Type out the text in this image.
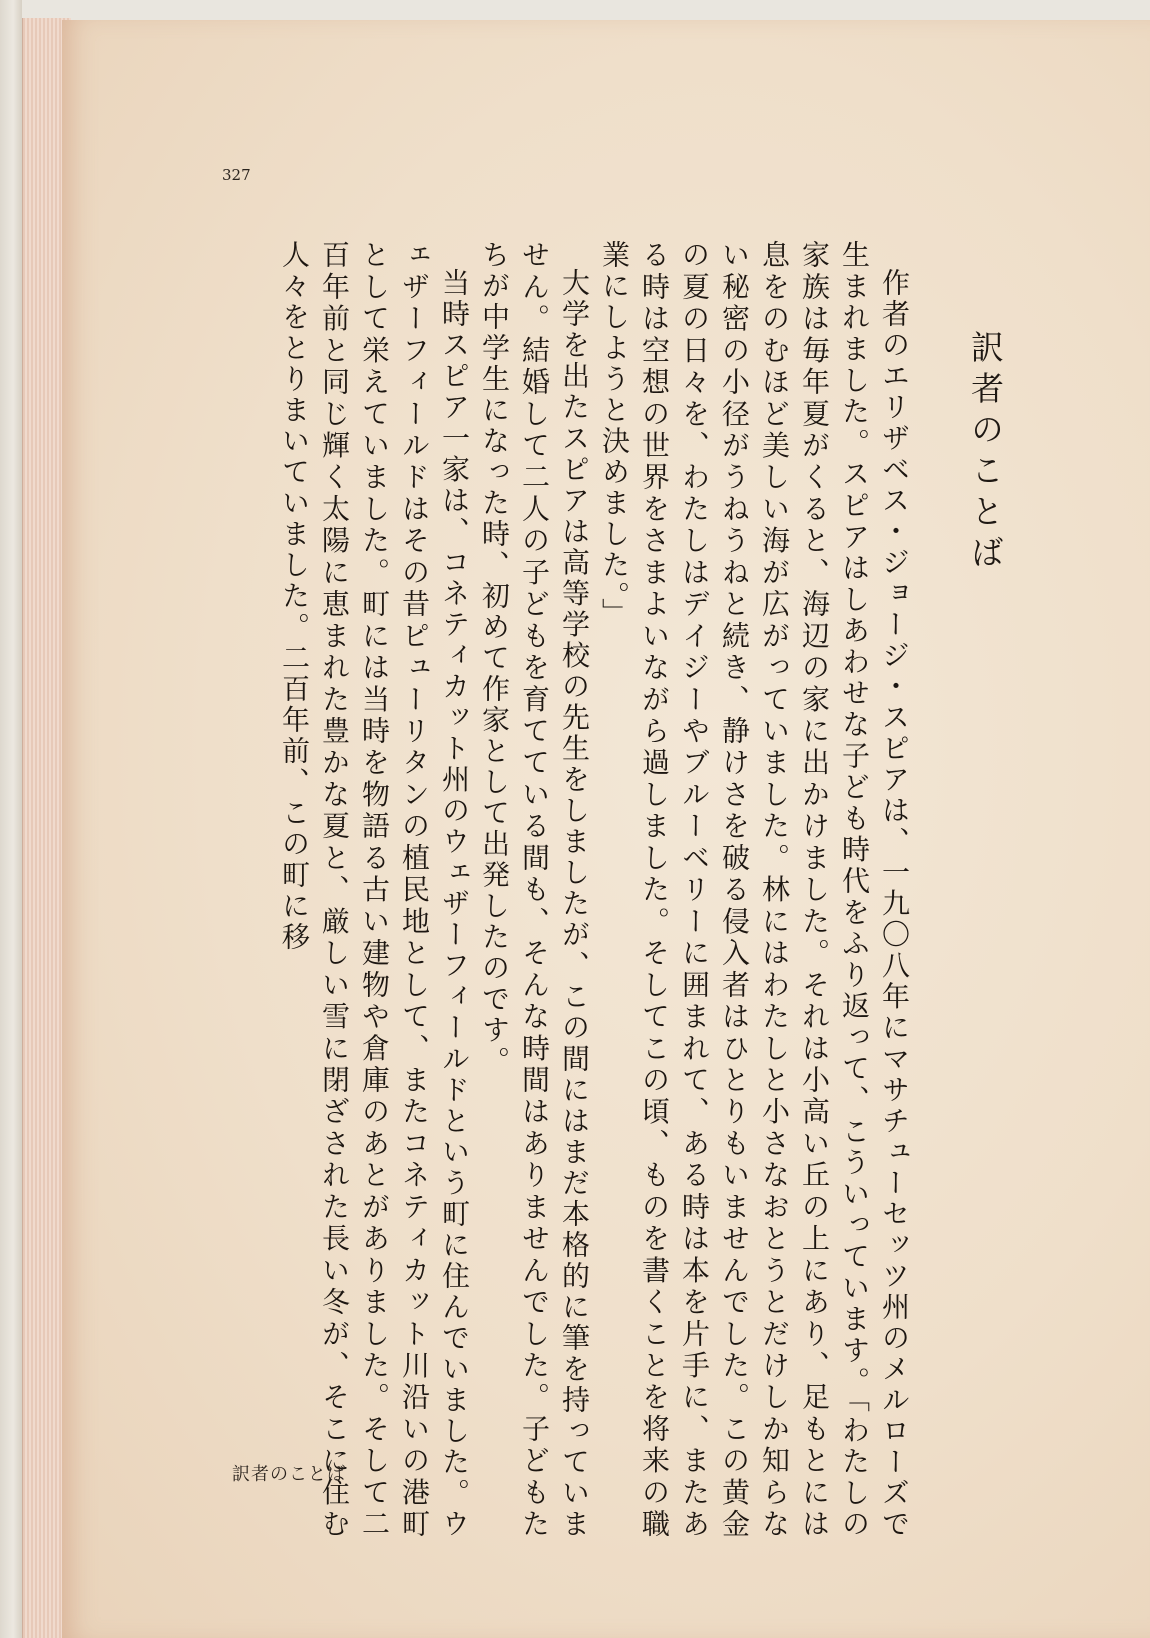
327
訳者のことば

作者のエリザベス・ジョージ・スピアは、一九〇八年にマサチューセッツ州のメルローズで生まれました。スピアはしあわせな子ども時代をふり返って、こういっています。「わたしの家族は毎年夏がくると、海辺の家に出かけました。それは小高い丘の上にあり、足もとには息をのむほど美しい海が広がっていました。林にはわたしと小さなおとうとだけしか知らない秘密の小径がうねうねと続き、静けさを破る侵入者はひとりもいませんでした。この黄金の夏の日々を、わたしはデイジーやブルーベリーに囲まれて、ある時は本を片手に、またある時は空想の世界をさまよいながら過しました。そしてこの頃、ものを書くことを将来の職業にしようと決めました。」

大学を出たスピアは高等学校の先生をしましたが、この間にはまだ本格的に筆を持っていません。結婚して二人の子どもを育てている間も、そんな時間はありませんでした。子どもたちが中学生になった時、初めて作家として出発したのです。

当時スピア一家は、コネティカット州のウェザーフィールドという町に住んでいました。ウェザーフィールドはその昔ピューリタンの植民地として、またコネティカット川沿いの港町として栄えていました。町には当時を物語る古い建物や倉庫のあとがありました。そして二百年前と同じ輝く太陽に恵まれた豊かな夏と、厳しい雪に閉ざされた長い冬が、そこに住む人々をとりまいていました。二百年前、この町に移

訳者のことば
